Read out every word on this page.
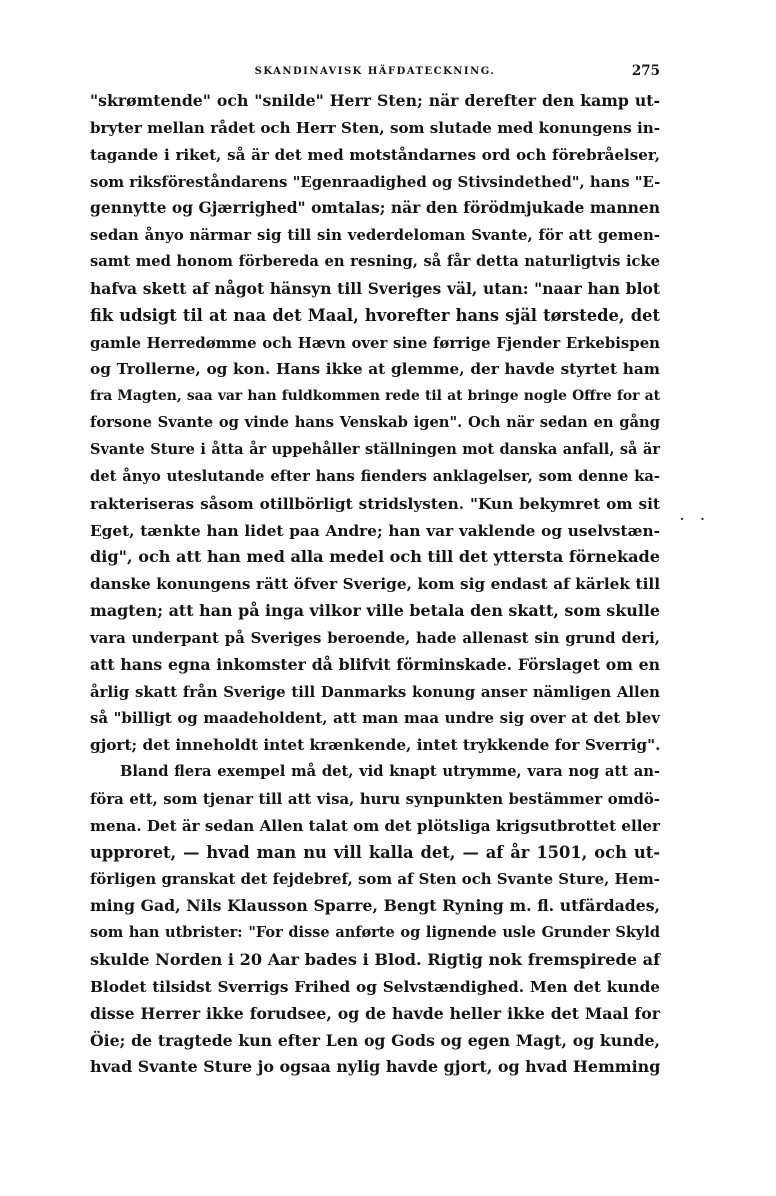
SKANDINAVISK HÄFDATECKNING.	275
"skrømtende" och "snilde" Herr Sten; när derefter den kamp ut-
bryter mellan rådet och Herr Sten, som slutade med konungens in-
tagande i riket, så är det med motståndarnes ord och förebråelser,
som riksföreståndarens "Egenraadighed og Stivsindethed", hans "E-
gennytte og Gjærrighed" omtalas; när den förödmjukade mannen
sedan ånyo närmar sig till sin vederdeloman Svante, för att gemen-
samt med honom förbereda en resning, så får detta naturligtvis icke
hafva skett af något hänsyn till Sveriges väl, utan: "naar han blot
fik udsigt til at naa det Maal, hvorefter hans själ tørstede, det
gamle Herredømme och Hævn over sine førrige Fjender Erkebispen
og Trollerne, og kon. Hans ikke at glemme, der havde styrtet ham
fra Magten, saa var han fuldkommen rede til at bringe nogle Offre for at
forsone Svante og vinde hans Venskab igen". Och när sedan en gång
Svante Sture i åtta år uppehåller ställningen mot danska anfall, så är
det ånyo uteslutande efter hans fienders anklagelser, som denne ka-
rakteriseras såsom otillbörligt stridslysten. "Kun bekymret om sit
Eget, tænkte han lidet paa Andre; han var vaklende og uselvstæn-
dig", och att han med alla medel och till det yttersta förnekade
danske konungens rätt öfver Sverige, kom sig endast af kärlek till
magten; att han på inga vilkor ville betala den skatt, som skulle
vara underpant på Sveriges beroende, hade allenast sin grund deri,
att hans egna inkomster då blifvit förminskade. Förslaget om en
årlig skatt från Sverige till Danmarks konung anser nämligen Allen
så "billigt og maadeholdent, att man maa undre sig over at det blev
gjort; det inneholdt intet krænkende, intet trykkende for Sverrig".
Bland flera exempel må det, vid knapt utrymme, vara nog att an-
föra ett, som tjenar till att visa, huru synpunkten bestämmer omdö-
mena. Det är sedan Allen talat om det plötsliga krigsutbrottet eller
upproret, — hvad man nu vill kalla det, — af år 1501, och ut-
förligen granskat det fejdebref, som af Sten och Svante Sture, Hem-
ming Gad, Nils Klausson Sparre, Bengt Ryning m. fl. utfärdades,
som han utbrister: "For disse anførte og lignende usle Grunder Skyld
skulde Norden i 20 Aar bades i Blod. Rigtig nok fremspirede af
Blodet tilsidst Sverrigs Frihed og Selvstændighed. Men det kunde
disse Herrer ikke forudsee, og de havde heller ikke det Maal for
Öie; de tragtede kun efter Len og Gods og egen Magt, og kunde,
hvad Svante Sture jo ogsaa nylig havde gjort, og hvad Hemming
· ·
